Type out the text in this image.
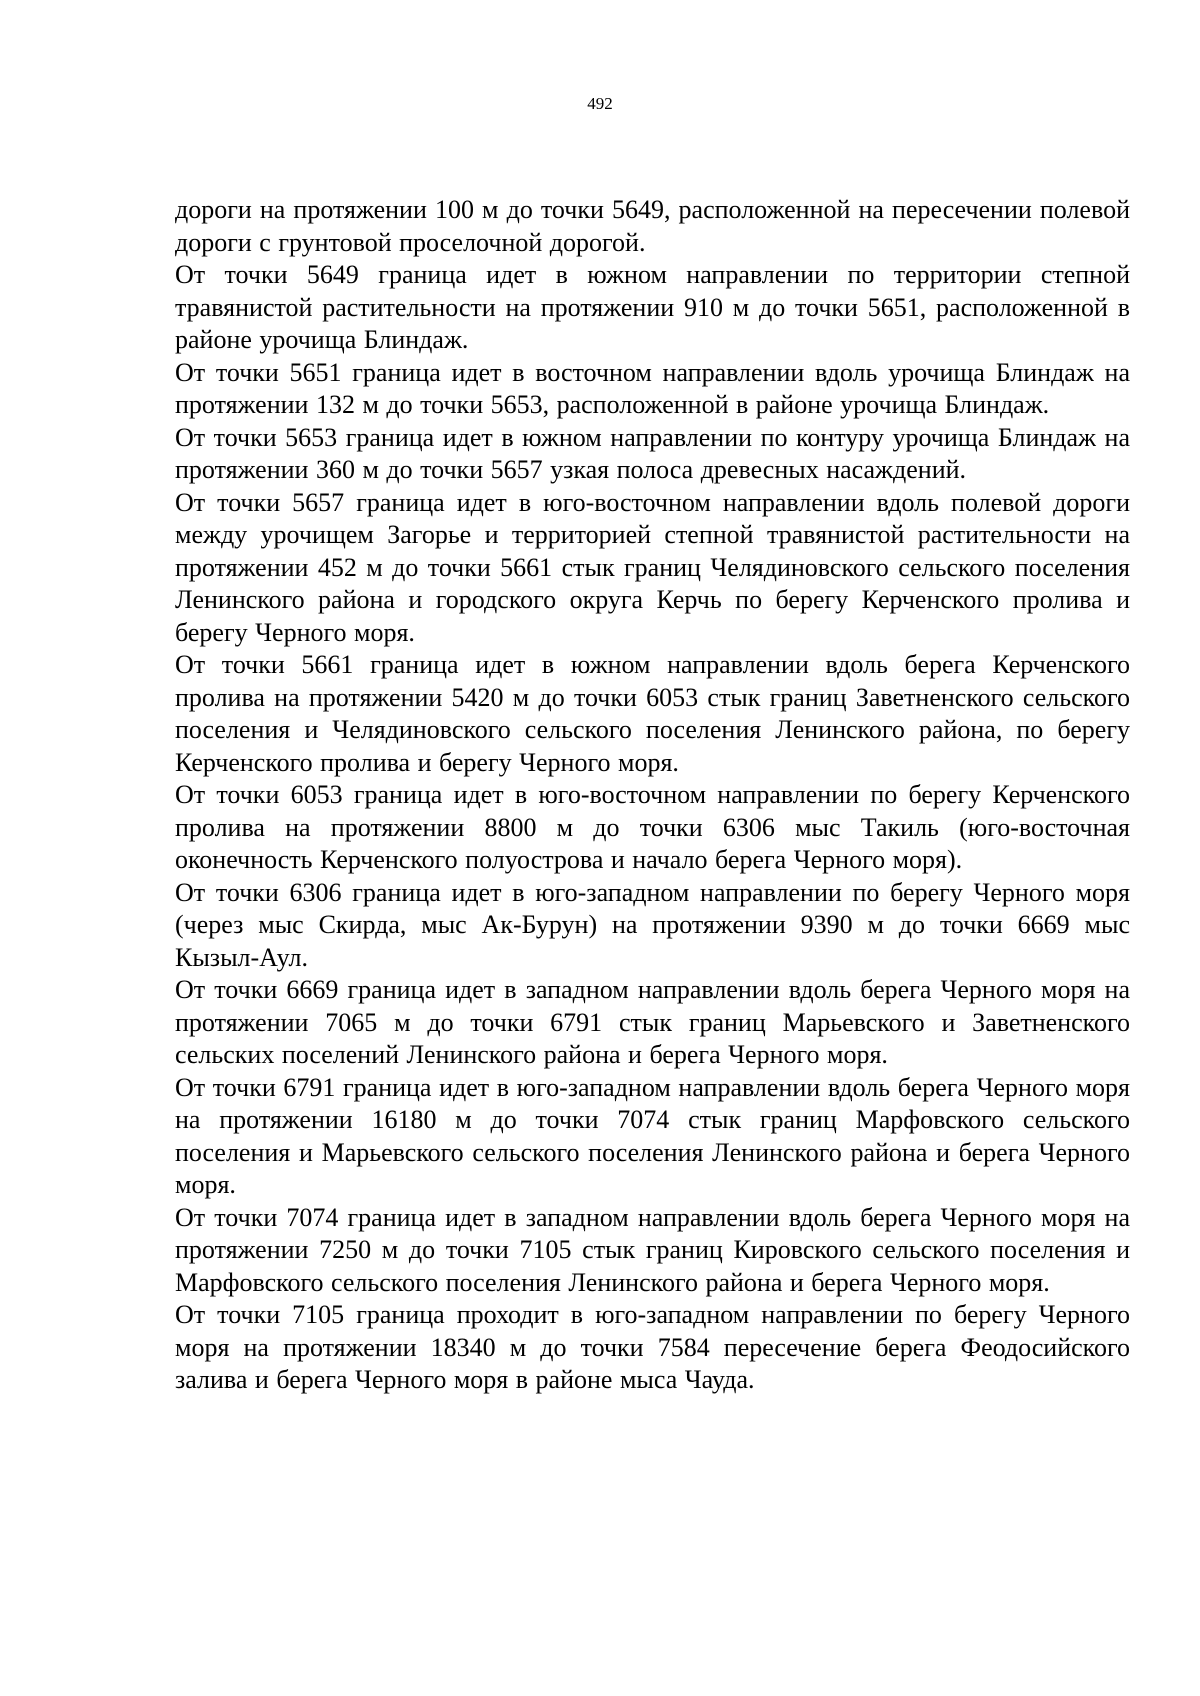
492

дороги на протяжении 100 м до точки 5649, расположенной на пересечении полевой дороги с грунтовой проселочной дорогой.

От точки 5649 граница идет в южном направлении по территории степной травянистой растительности на протяжении 910 м до точки 5651, расположенной в районе урочища Блиндаж.

От точки 5651 граница идет в восточном направлении вдоль урочища Блиндаж на протяжении 132 м до точки 5653, расположенной в районе урочища Блиндаж.

От точки 5653 граница идет в южном направлении по контуру урочища Блиндаж на протяжении 360 м до точки 5657 узкая полоса древесных насаждений.

От точки 5657 граница идет в юго-восточном направлении вдоль полевой дороги между урочищем Загорье и территорией степной травянистой растительности на протяжении 452 м до точки 5661 стык границ Челядиновского сельского поселения Ленинского района и городского округа Керчь по берегу Керченского пролива и берегу Черного моря.

От точки 5661 граница идет в южном направлении вдоль берега Керченского пролива на протяжении 5420 м до точки 6053 стык границ Заветненского сельского поселения и Челядиновского сельского поселения Ленинского района, по берегу Керченского пролива и берегу Черного моря.

От точки 6053 граница идет в юго-восточном направлении по берегу Керченского пролива на протяжении 8800 м до точки 6306 мыс Такиль (юго-восточная оконечность Керченского полуострова и начало берега Черного моря).

От точки 6306 граница идет в юго-западном направлении по берегу Черного моря (через мыс Скирда, мыс Ак-Бурун) на протяжении 9390 м до точки 6669 мыс Кызыл-Аул.

От точки 6669 граница идет в западном направлении вдоль берега Черного моря на протяжении 7065 м до точки 6791 стык границ Марьевского и Заветненского сельских поселений Ленинского района и берега Черного моря.

От точки 6791 граница идет в юго-западном направлении вдоль берега Черного моря на протяжении 16180 м до точки 7074 стык границ Марфовского сельского поселения и Марьевского сельского поселения Ленинского района и берега Черного моря.

От точки 7074 граница идет в западном направлении вдоль берега Черного моря на протяжении 7250 м до точки 7105 стык границ Кировского сельского поселения и Марфовского сельского поселения Ленинского района и берега Черного моря.

От точки 7105 граница проходит в юго-западном направлении по берегу Черного моря на протяжении 18340 м до точки 7584 пересечение берега Феодосийского залива и берега Черного моря в районе мыса Чауда.
